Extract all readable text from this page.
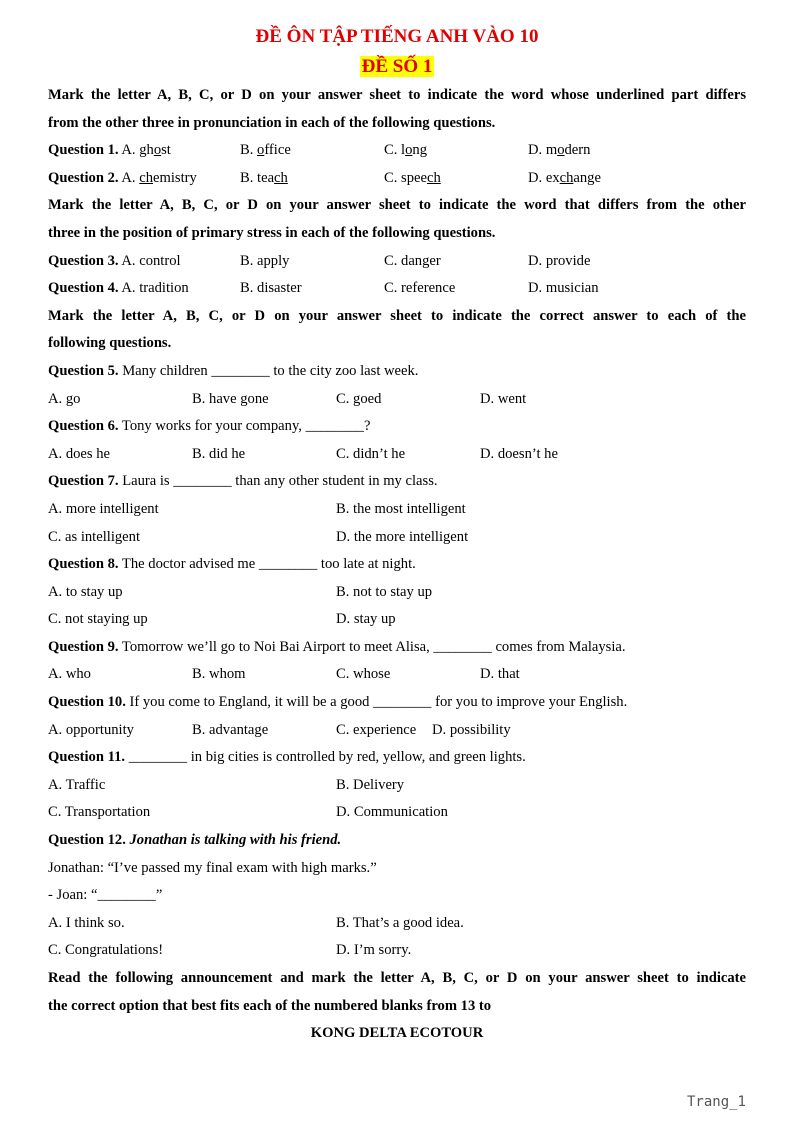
ĐỀ ÔN TẬP TIẾNG ANH VÀO 10
ĐỀ SỐ 1
Mark the letter A, B, C, or D on your answer sheet to indicate the word whose underlined part differs
from the other three in pronunciation in each of the following questions.
Question 1. A. ghost	B. office	C. long	D. modern
Question 2. A. chemistry	B. teach	C. speech	D. exchange
Mark the letter A, B, C, or D on your answer sheet to indicate the word that differs from the other
three in the position of primary stress in each of the following questions.
Question 3. A. control	B. apply	C. danger	D. provide
Question 4. A. tradition	B. disaster	C. reference	D. musician
Mark the letter A, B, C, or D on your answer sheet to indicate the correct answer to each of the
following questions.
Question 5. Many children ________ to the city zoo last week.
A. go	B. have gone	C. goed	D. went
Question 6. Tony works for your company, ________?
A. does he	B. did he	C. didn’t he	D. doesn’t he
Question 7. Laura is ________ than any other student in my class.
A. more intelligent	B. the most intelligent
C. as intelligent	D. the more intelligent
Question 8. The doctor advised me ________ too late at night.
A. to stay up	B. not to stay up
C. not staying up	D. stay up
Question 9. Tomorrow we’ll go to Noi Bai Airport to meet Alisa, ________ comes from Malaysia.
A. who	B. whom	C. whose	D. that
Question 10. If you come to England, it will be a good ________ for you to improve your English.
A. opportunity	B. advantage	C. experience	D. possibility
Question 11. ________ in big cities is controlled by red, yellow, and green lights.
A. Traffic	B. Delivery
C. Transportation	D. Communication
Question 12. Jonathan is talking with his friend.
Jonathan: “I’ve passed my final exam with high marks.”
- Joan: “________”
A. I think so.	B. That’s a good idea.
C. Congratulations!	D. I’m sorry.
Read the following announcement and mark the letter A, B, C, or D on your answer sheet to indicate
the correct option that best fits each of the numbered blanks from 13 to
KONG DELTA ECOTOUR
Trang_1
